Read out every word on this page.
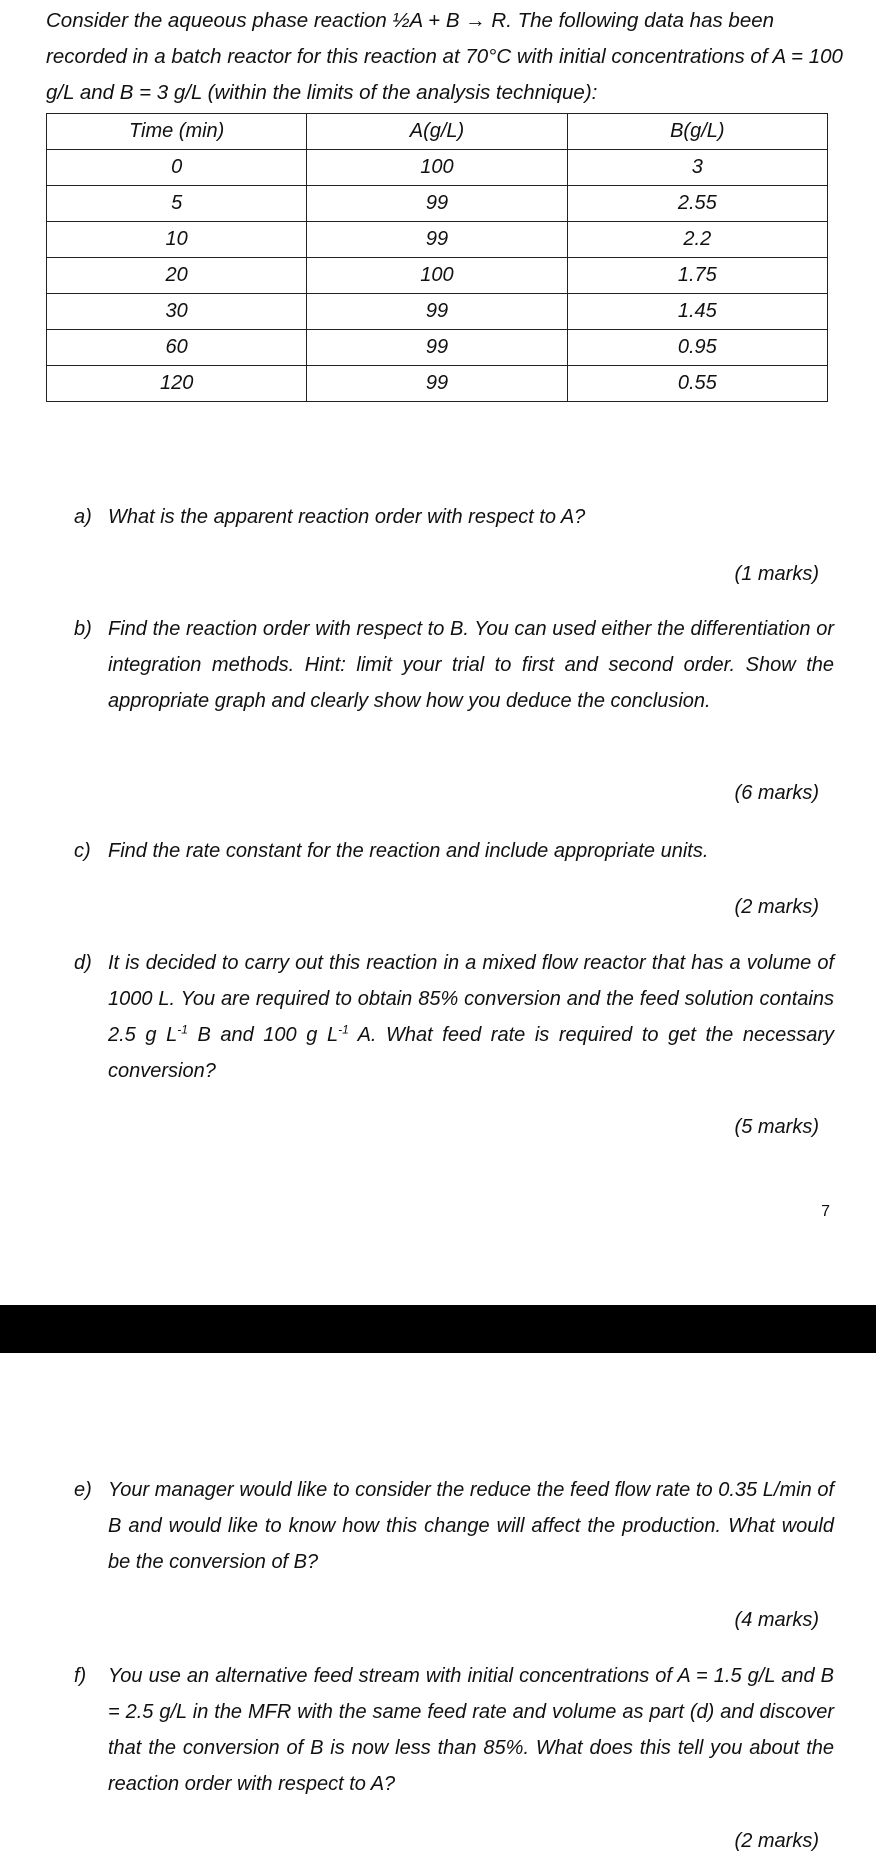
Consider the aqueous phase reaction ½A + B → R. The following data has been recorded in a batch reactor for this reaction at 70°C with initial concentrations of A = 100 g/L and B = 3 g/L (within the limits of the analysis technique):

Time (min)	A(g/L)	B(g/L)
0	100	3
5	99	2.55
10	99	2.2
20	100	1.75
30	99	1.45
60	99	0.95
120	99	0.55
a) What is the apparent reaction order with respect to A?
(1 marks)
b) Find the reaction order with respect to B. You can used either the differentiation or integration methods. Hint: limit your trial to first and second order. Show the appropriate graph and clearly show how you deduce the conclusion.
(6 marks)
c) Find the rate constant for the reaction and include appropriate units.
(2 marks)
d) It is decided to carry out this reaction in a mixed flow reactor that has a volume of 1000 L. You are required to obtain 85% conversion and the feed solution contains 2.5 g $L^{-1}$ B and 100 g $L^{-1}$ A. What feed rate is required to get the necessary conversion?
(5 marks)
7
e) Your manager would like to consider the reduce the feed flow rate to 0.35 L/min of B and would like to know how this change will affect the production. What would be the conversion of B?
(4 marks)
f) You use an alternative feed stream with initial concentrations of A = 1.5 g/L and B = 2.5 g/L in the MFR with the same feed rate and volume as part (d) and discover that the conversion of B is now less than 85%. What does this tell you about the reaction order with respect to A?
(2 marks)
